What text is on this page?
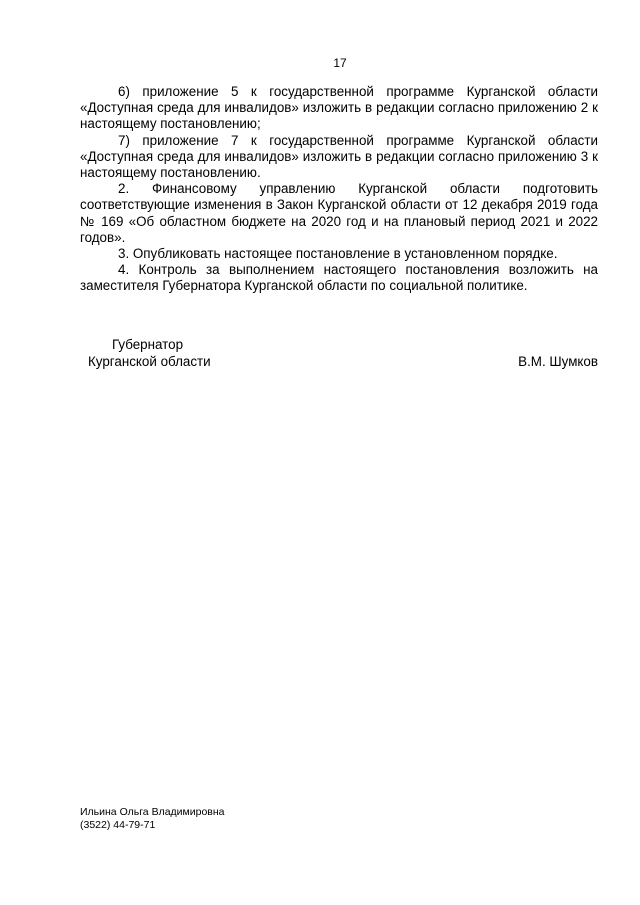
17

6) приложение 5 к государственной программе Курганской области «Доступная среда для инвалидов» изложить в редакции согласно приложению 2 к настоящему постановлению;

7) приложение 7 к государственной программе Курганской области «Доступная среда для инвалидов» изложить в редакции согласно приложению 3 к настоящему постановлению.

2. Финансовому управлению Курганской области подготовить соответствующие изменения в Закон Курганской области от 12 декабря 2019 года № 169 «Об областном бюджете на 2020 год и на плановый период 2021 и 2022 годов».

3. Опубликовать настоящее постановление в установленном порядке.

4. Контроль за выполнением настоящего постановления возложить на заместителя Губернатора Курганской области по социальной политике.

Губернатор
Курганской области	В.М. Шумков
Ильина Ольга Владимировна
(3522) 44-79-71
